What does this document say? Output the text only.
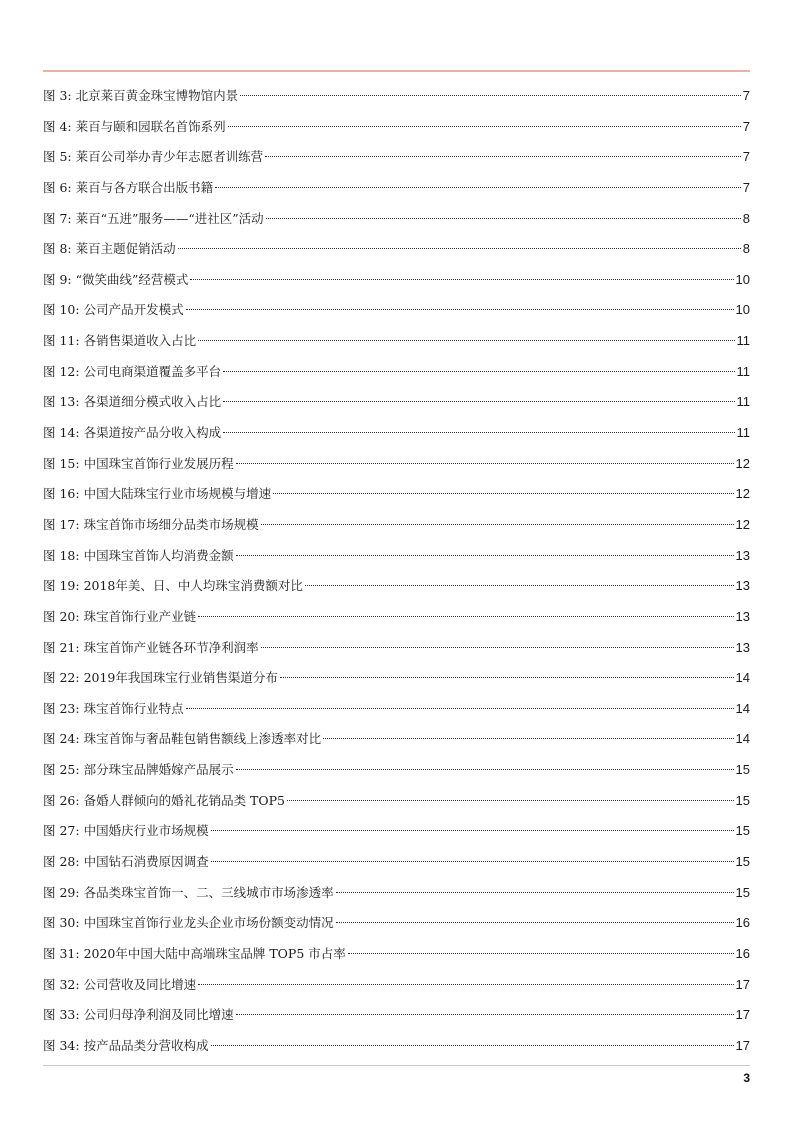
图 3: 北京莱百黄金珠宝博物馆内景	7
图 4: 莱百与颐和园联名首饰系列	7
图 5: 莱百公司举办青少年志愿者训练营	7
图 6: 莱百与各方联合出版书籍	7
图 7: 莱百“五进”服务——“进社区”活动	8
图 8: 莱百主题促销活动	8
图 9: “微笑曲线”经营模式	10
图 10: 公司产品开发模式	10
图 11: 各销售渠道收入占比	11
图 12: 公司电商渠道覆盖多平台	11
图 13: 各渠道细分模式收入占比	11
图 14: 各渠道按产品分收入构成	11
图 15: 中国珠宝首饰行业发展历程	12
图 16: 中国大陆珠宝行业市场规模与增速	12
图 17: 珠宝首饰市场细分品类市场规模	12
图 18: 中国珠宝首饰人均消费金额	13
图 19: 2018年美、日、中人均珠宝消费额对比	13
图 20: 珠宝首饰行业产业链	13
图 21: 珠宝首饰产业链各环节净利润率	13
图 22: 2019年我国珠宝行业销售渠道分布	14
图 23: 珠宝首饰行业特点	14
图 24: 珠宝首饰与奢品鞋包销售额线上渗透率对比	14
图 25: 部分珠宝品牌婚嫁产品展示	15
图 26: 备婚人群倾向的婚礼花销品类 TOP5	15
图 27: 中国婚庆行业市场规模	15
图 28: 中国钻石消费原因调查	15
图 29: 各品类珠宝首饰一、二、三线城市市场渗透率	15
图 30: 中国珠宝首饰行业龙头企业市场份额变动情况	16
图 31: 2020年中国大陆中高端珠宝品牌 TOP5 市占率	16
图 32: 公司营收及同比增速	17
图 33: 公司归母净利润及同比增速	17
图 34: 按产品品类分营收构成	17
3
